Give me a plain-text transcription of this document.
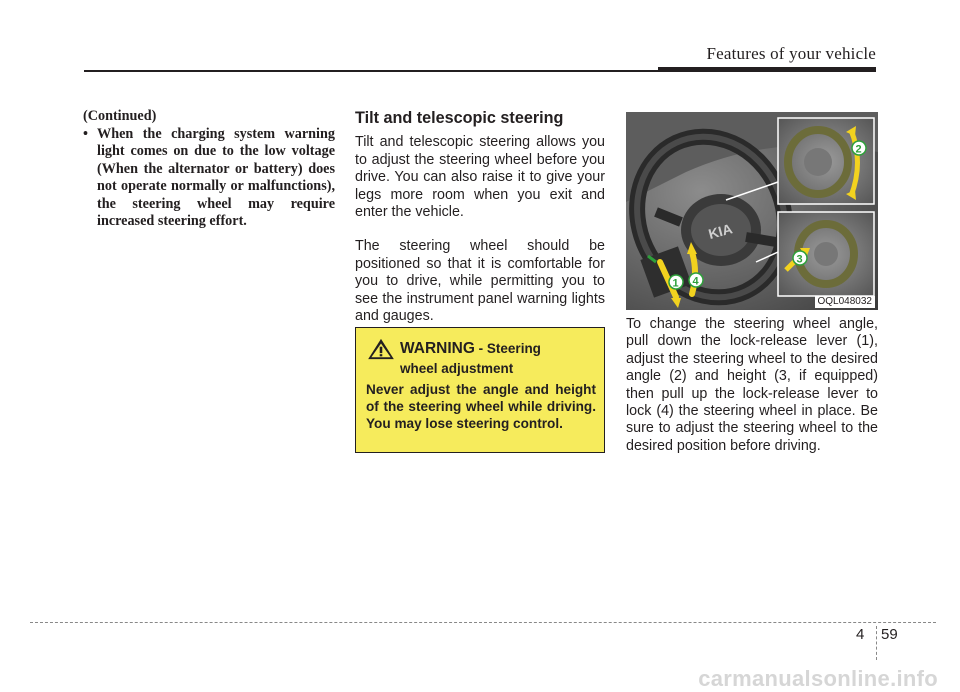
Features of your vehicle

(Continued)

• When the charging system warning light comes on due to the low voltage (When the alternator or battery) does not operate normally or malfunctions), the steering wheel may require increased steering effort.

Tilt and telescopic steering

Tilt and telescopic steering allows you to adjust the steering wheel before you drive. You can also raise it to give your legs more room when you exit and enter the vehicle.

The steering wheel should be positioned so that it is comfortable for you to drive, while permitting you to see the instrument panel warning lights and gauges.

WARNING - Steering
wheel adjustment
Never adjust the angle and height of the steering wheel while driving. You may lose steering control.
KIA
1 4
2
3
OQL048032
To change the steering wheel angle, pull down the lock-release lever (1), adjust the steering wheel to the desired angle (2) and height (3, if equipped) then pull up the lock-release lever to lock (4) the steering wheel in place. Be sure to adjust the steering wheel to the desired position before driving.
4 59
carmanualsonline.info
